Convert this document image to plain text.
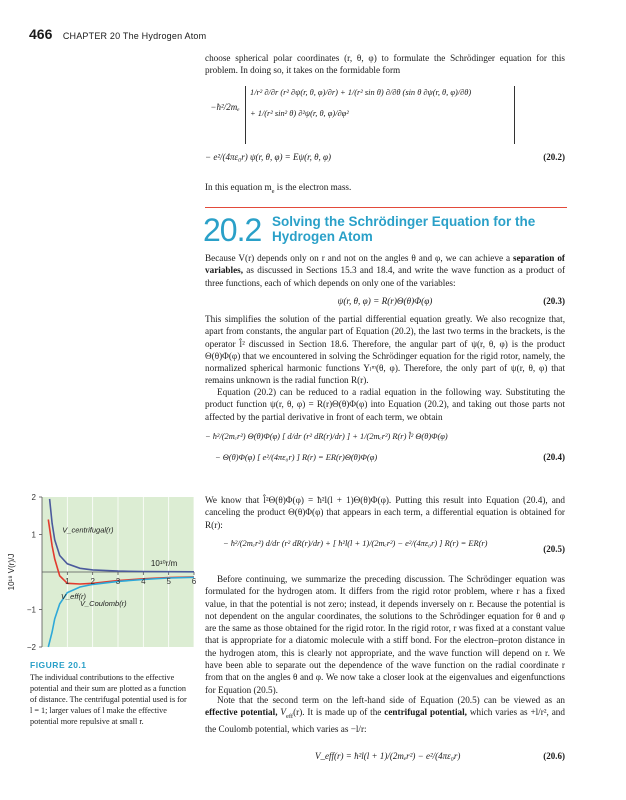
466 CHAPTER 20 The Hydrogen Atom

choose spherical polar coordinates (r, θ, φ) to formulate the Schrödinger equation for this problem. In doing so, it takes on the formidable form

−ħ²/2mₑ
1/r² ∂/∂r (r² ∂ψ(r, θ, φ)/∂r) + 1/(r² sin θ) ∂/∂θ (sin θ ∂ψ(r, θ, φ)/∂θ)
+ 1/(r² sin² θ) ∂²ψ(r, θ, φ)/∂φ²
− e²/(4πε₀r) ψ(r, θ, φ) = Eψ(r, θ, φ)	(20.2)

In this equation $m_e$ is the electron mass.

20.2 Solving the Schrödinger Equation for the Hydrogen Atom

Because V(r) depends only on r and not on the angles θ and φ, we can achieve a separation of variables, as discussed in Sections 15.3 and 18.4, and write the wave function as a product of three functions, each of which depends on only one of the variables:

ψ(r, θ, φ) = R(r)Θ(θ)Φ(φ)	(20.3)

This simplifies the solution of the partial differential equation greatly. We also recognize that, apart from constants, the angular part of Equation (20.2), the last two terms in the brackets, is the operator l̂² discussed in Section 18.6. Therefore, the angular part of ψ(r, θ, φ) is the product Θ(θ)Φ(φ) that we encountered in solving the Schrödinger equation for the rigid rotor, namely, the normalized spherical harmonic functions Yₗᵐ(θ, φ). Therefore, the only part of ψ(r, θ, φ) that remains unknown is the radial function R(r).

Equation (20.2) can be reduced to a radial equation in the following way. Substituting the product function ψ(r, θ, φ) = R(r)Θ(θ)Φ(φ) into Equation (20.2), and taking out those parts not affected by the partial derivative in front of each term, we obtain

− ħ²/(2mₑr²) Θ(θ)Φ(φ) [ d/dr (r² dR(r)/dr) ] + 1/(2mₑr²) R(r) l̂² Θ(θ)Φ(φ)
− Θ(θ)Φ(φ) [ e²/(4πε₀r) ] R(r) = ER(r)Θ(θ)Φ(φ)	(20.4)

We know that l̂²Θ(θ)Φ(φ) = ħ²l(l + 1)Θ(θ)Φ(φ). Putting this result into Equation (20.4), and canceling the product Θ(θ)Φ(φ) that appears in each term, a differential equation is obtained for R(r):

− ħ²/(2mₑr²) d/dr (r² dR(r)/dr) + [ ħ²l(l + 1)/(2mₑr²) − e²/(4πε₀r) ] R(r) = ER(r)
(20.5)

Before continuing, we summarize the preceding discussion. The Schrödinger equation was formulated for the hydrogen atom. It differs from the rigid rotor problem, where r has a fixed value, in that the potential is not zero; instead, it depends inversely on r. Because the potential is not dependent on the angular coordinates, the solutions to the Schrödinger equation for θ and φ are the same as those obtained for the rigid rotor. In the rigid rotor, r was fixed at a constant value that is appropriate for a diatomic molecule with a stiff bond. For the electron–proton distance in the hydrogen atom, this is clearly not appropriate, and the wave function will depend on r. We have been able to separate out the dependence of the wave function on the radial coordinate r from that on the angles θ and φ. We now take a closer look at the eigenvalues and eigenfunctions for Equation (20.5).

Note that the second term on the left-hand side of Equation (20.5) can be viewed as an effective potential, $V_{eff}(r)$. It is made up of the centrifugal potential, which varies as +l/r², and the Coulomb potential, which varies as −l/r:

V_eff(r) = ħ²l(l + 1)/(2mₑr²) − e²/(4πε₀r)	(20.6)
2
1
−1
−2
1	2	3	4	5	6
V_centrifugal(r)
V_eff(r)
V_Coulomb(r)
10¹⁰r/m
10¹⁸ V(r)/J
FIGURE 20.1
The individual contributions to the effective potential and their sum are plotted as a function of distance. The centrifugal potential used is for l = 1; larger values of l make the effective potential more repulsive at small r.
